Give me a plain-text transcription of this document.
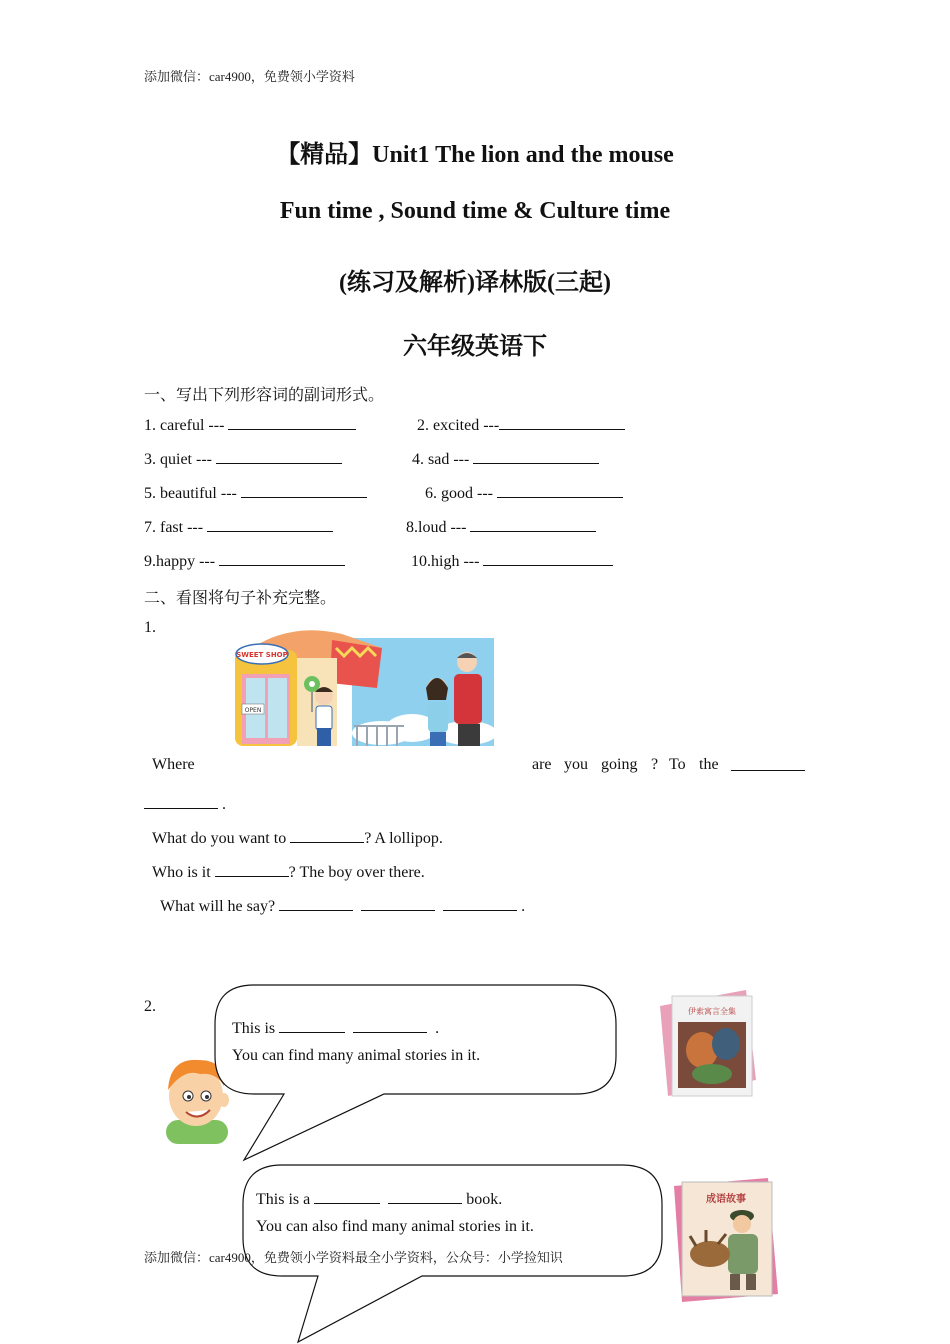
添加微信：car4900，免费领小学资料
【精品】Unit1 The lion and the mouse
Fun time , Sound time & Culture time
(练习及解析)译林版(三起)
六年级英语下
一、写出下列形容词的副词形式。
1. careful ---	2. excited ---
3. quiet ---	4. sad ---
5. beautiful ---	6. good ---
7. fast ---	8.loud ---
9.happy ---	10.high ---
二、看图将句子补充完整。
1.
OPEN
SWEET SHOP
Where	are you going ? To the
.
What do you want to	? A lollipop.
Who is it	? The boy over there.
What will he say?	.
2.
This is	.
You can find many animal stories in it.
伊索寓言全集
This is a	book.
You can also find many animal stories in it.
成语故事
添加微信：car4900，免费领小学资料最全小学资料，公众号：小学捡知识
